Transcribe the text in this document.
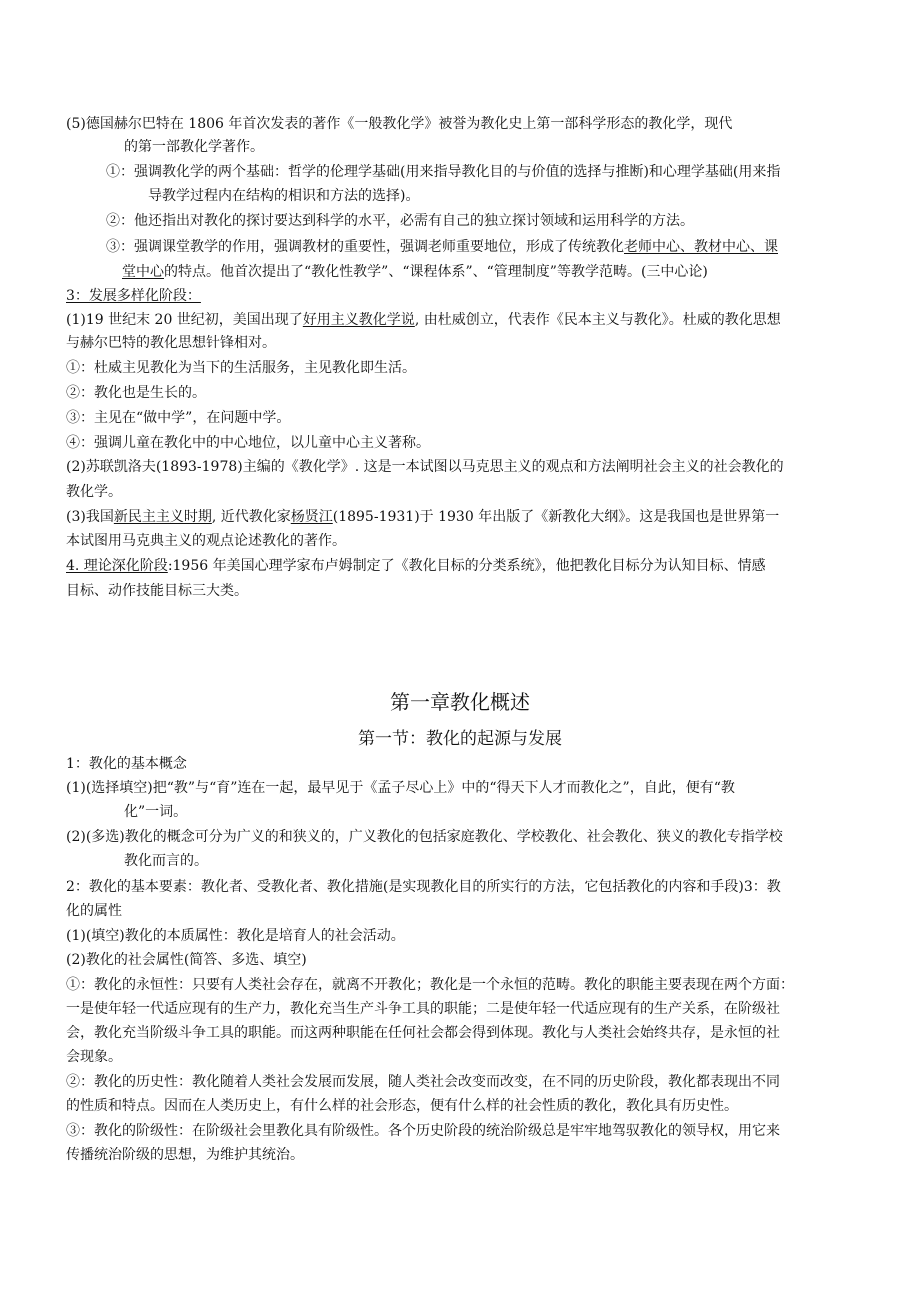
(5)德国赫尔巴特在 1806 年首次发表的著作《一般教化学》被誉为教化史上第一部科学形态的教化学，现代
的第一部教化学著作。
①：强调教化学的两个基础：哲学的伦理学基础(用来指导教化目的与价值的选择与推断)和心理学基础(用来指
导教学过程内在结构的相识和方法的选择)。
②：他还指出对教化的探讨要达到科学的水平，必需有自己的独立探讨领域和运用科学的方法。
③：强调课堂教学的作用，强调教材的重要性，强调老师重要地位，形成了传统教化老师中心、教材中心、课
堂中心的特点。他首次提出了“教化性教学”、“课程体系”、“管理制度”等教学范畴。(三中心论)
3：发展多样化阶段：
(1)19 世纪末 20 世纪初，美国出现了好用主义教化学说, 由杜威创立，代表作《民本主义与教化》。杜威的教化思想
与赫尔巴特的教化思想针锋相对。
①：杜威主见教化为当下的生活服务，主见教化即生活。
②：教化也是生长的。
③：主见在“做中学”，在问题中学。
④：强调儿童在教化中的中心地位，以儿童中心主义著称。
(2)苏联凯洛夫(1893-1978)主编的《教化学》. 这是一本试图以马克思主义的观点和方法阐明社会主义的社会教化的
教化学。
(3)我国新民主主义时期, 近代教化家杨贤江(1895-1931)于 1930 年出版了《新教化大纲》。这是我国也是世界第一
本试图用马克典主义的观点论述教化的著作。
4. 理论深化阶段:1956 年美国心理学家布卢姆制定了《教化目标的分类系统》，他把教化目标分为认知目标、情感
目标、动作技能目标三大类。
第一章教化概述
第一节：教化的起源与发展
1：教化的基本概念
(1)(选择填空)把“教”与“育”连在一起，最早见于《孟子尽心上》中的“得天下人才而教化之”，自此，便有“教
化”一词。
(2)(多选)教化的概念可分为广义的和狭义的，广义教化的包括家庭教化、学校教化、社会教化、狭义的教化专指学校
教化而言的。
2：教化的基本要素：教化者、受教化者、教化措施(是实现教化目的所实行的方法，它包括教化的内容和手段)3：教
化的属性
(1)(填空)教化的本质属性：教化是培育人的社会活动。
(2)教化的社会属性(简答、多选、填空)
①：教化的永恒性：只要有人类社会存在，就离不开教化；教化是一个永恒的范畴。教化的职能主要表现在两个方面：
一是使年轻一代适应现有的生产力，教化充当生产斗争工具的职能；二是使年轻一代适应现有的生产关系，在阶级社
会，教化充当阶级斗争工具的职能。而这两种职能在任何社会都会得到体现。教化与人类社会始终共存，是永恒的社
会现象。
②：教化的历史性：教化随着人类社会发展而发展，随人类社会改变而改变，在不同的历史阶段，教化都表现出不同
的性质和特点。因而在人类历史上，有什么样的社会形态，便有什么样的社会性质的教化，教化具有历史性。
③：教化的阶级性：在阶级社会里教化具有阶级性。各个历史阶段的统治阶级总是牢牢地驾驭教化的领导权，用它来
传播统治阶级的思想，为维护其统治。
